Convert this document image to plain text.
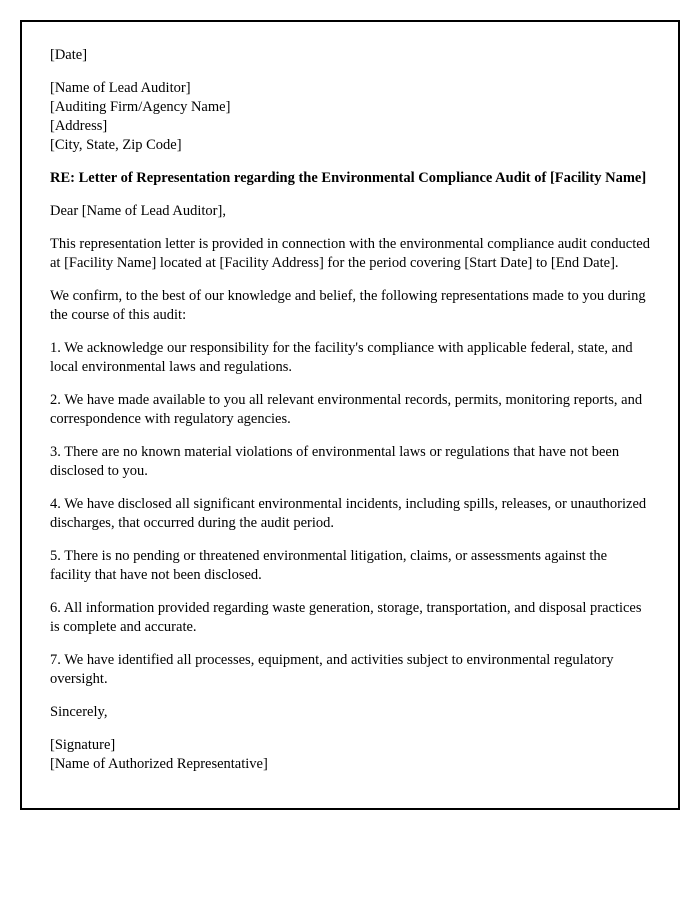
[Date]

[Name of Lead Auditor]

[Auditing Firm/Agency Name]

[Address]

[City, State, Zip Code]

RE: Letter of Representation regarding the Environmental Compliance Audit of [Facility Name]

Dear [Name of Lead Auditor],

This representation letter is provided in connection with the environmental compliance audit conducted at [Facility Name] located at [Facility Address] for the period covering [Start Date] to [End Date].

We confirm, to the best of our knowledge and belief, the following representations made to you during the course of this audit:

1. We acknowledge our responsibility for the facility's compliance with applicable federal, state, and local environmental laws and regulations.

2. We have made available to you all relevant environmental records, permits, monitoring reports, and correspondence with regulatory agencies.

3. There are no known material violations of environmental laws or regulations that have not been disclosed to you.

4. We have disclosed all significant environmental incidents, including spills, releases, or unauthorized discharges, that occurred during the audit period.

5. There is no pending or threatened environmental litigation, claims, or assessments against the facility that have not been disclosed.

6. All information provided regarding waste generation, storage, transportation, and disposal practices is complete and accurate.

7. We have identified all processes, equipment, and activities subject to environmental regulatory oversight.

Sincerely,

[Signature]

[Name of Authorized Representative]
